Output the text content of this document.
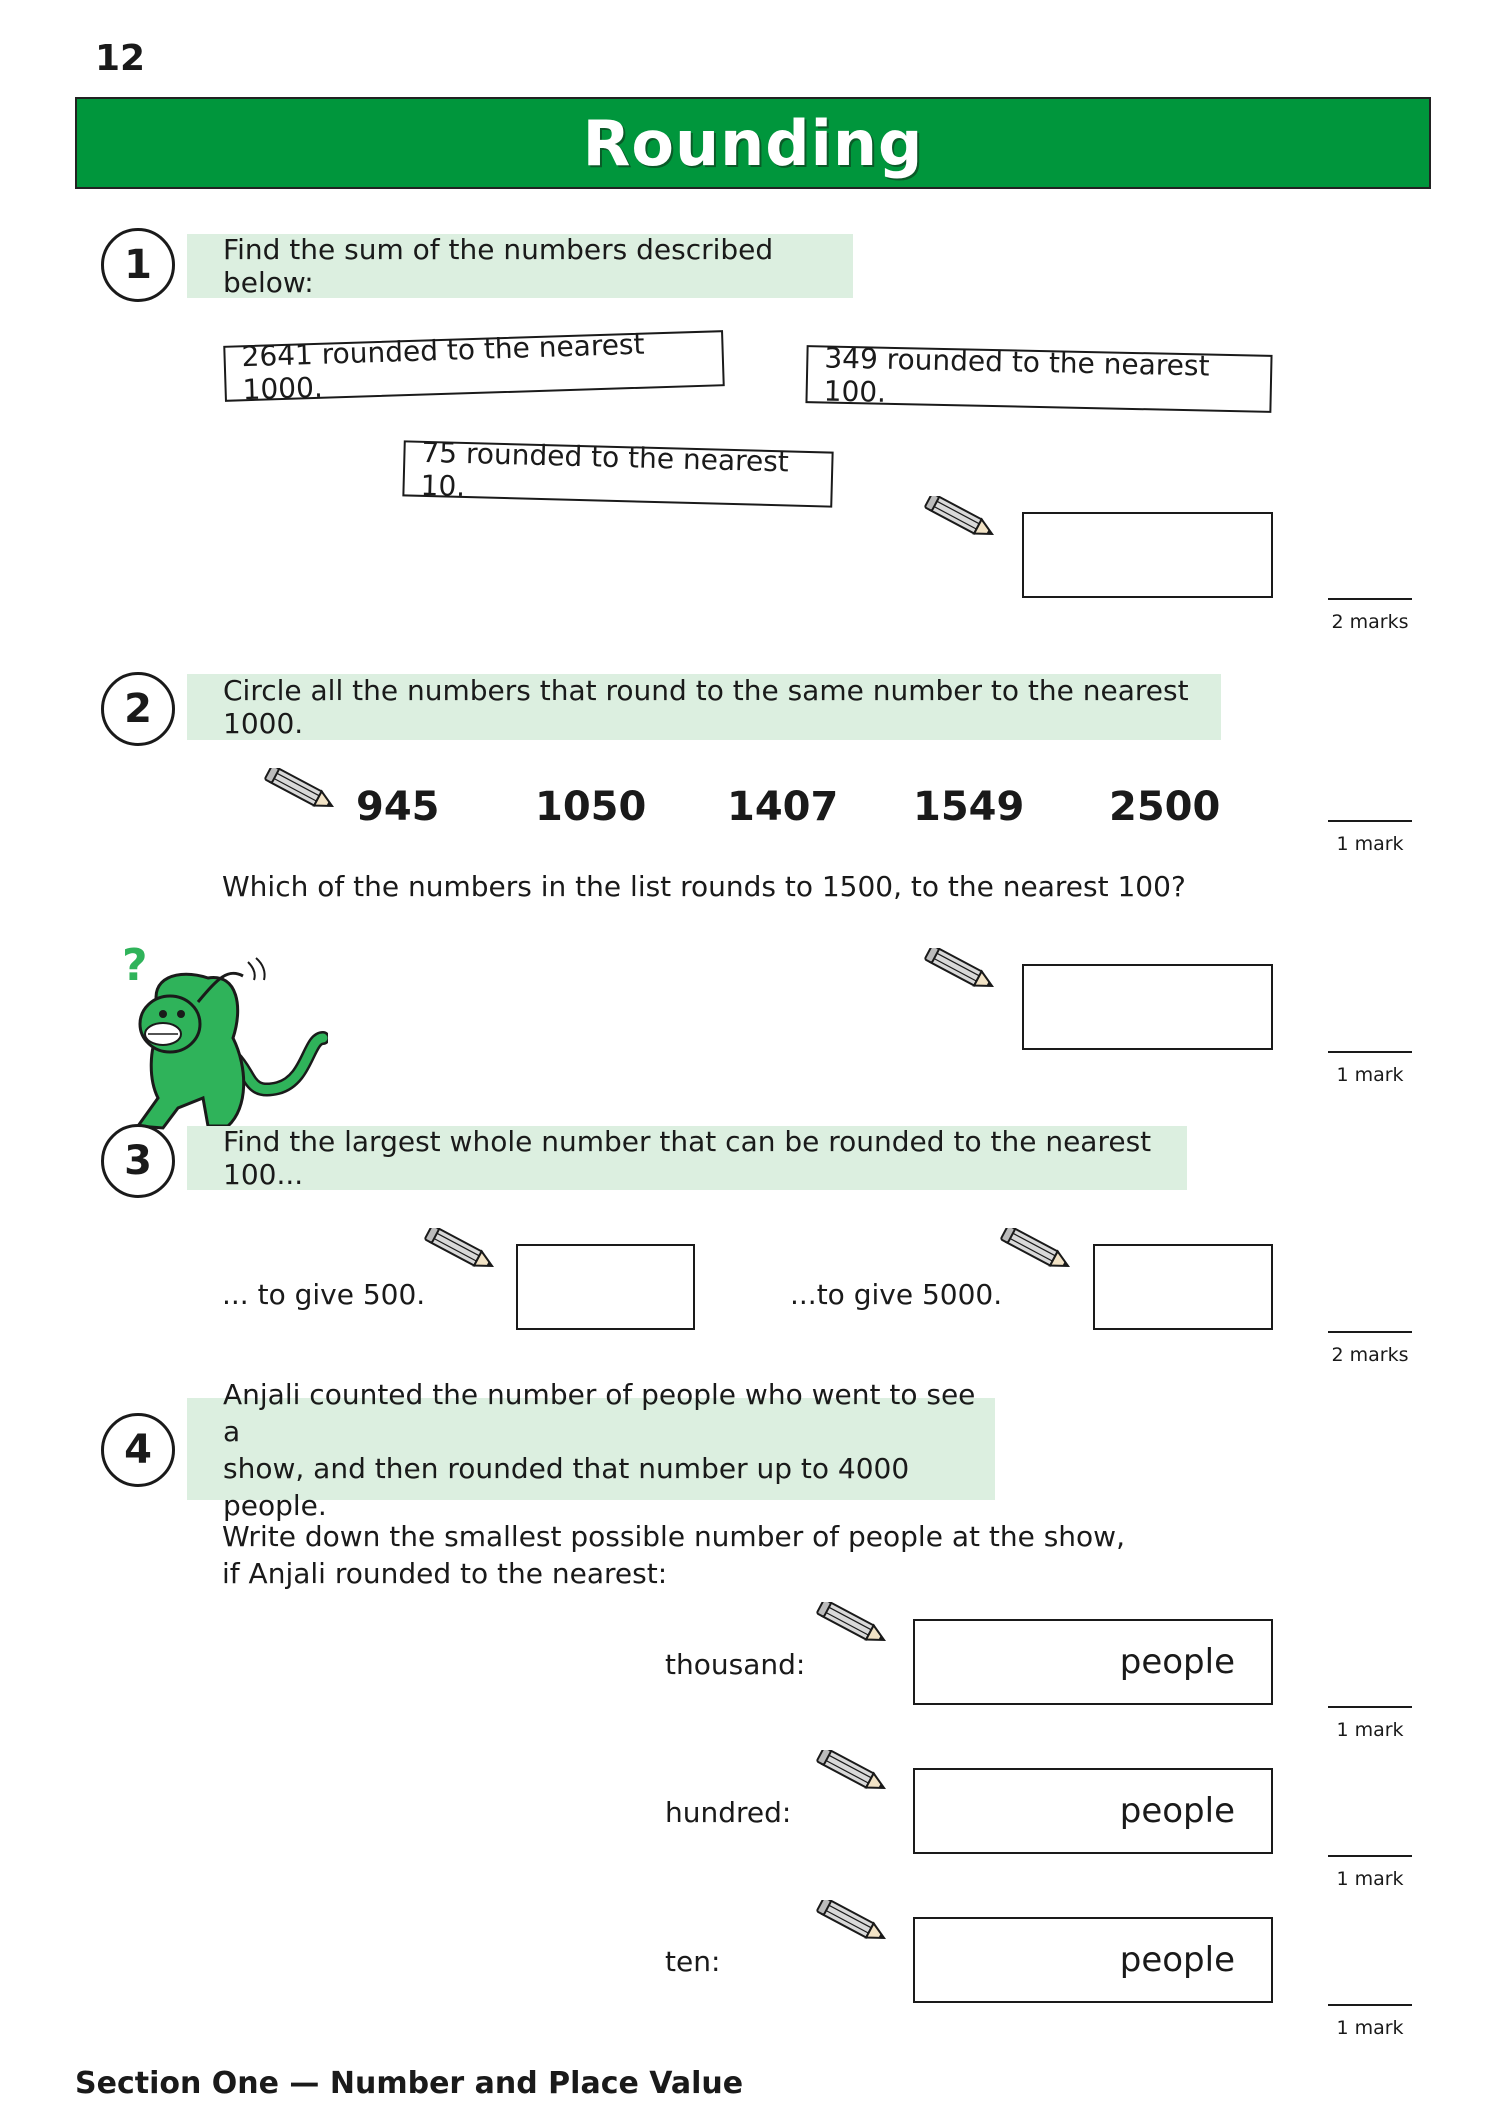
12
Rounding
1	Find the sum of the numbers described below:
2641 rounded to the nearest 1000.
349 rounded to the nearest 100.
75 rounded to the nearest 10.
2 marks
2	Circle all the numbers that round to the same number to the nearest 1000.
945 1050 1407 1549 2500
1 mark
Which of the numbers in the list rounds to 1500, to the nearest 100?
1 mark
?
3	Find the largest whole number that can be rounded to the nearest 100...
... to give 500.	...to give 5000.
2 marks
4
Anjali counted the number of people who went to see a
show, and then rounded that number up to 4000 people.
Write down the smallest possible number of people at the show,
if Anjali rounded to the nearest:
thousand:	people
1 mark
hundred:	people
1 mark
ten:	people
1 mark
Section One — Number and Place Value
